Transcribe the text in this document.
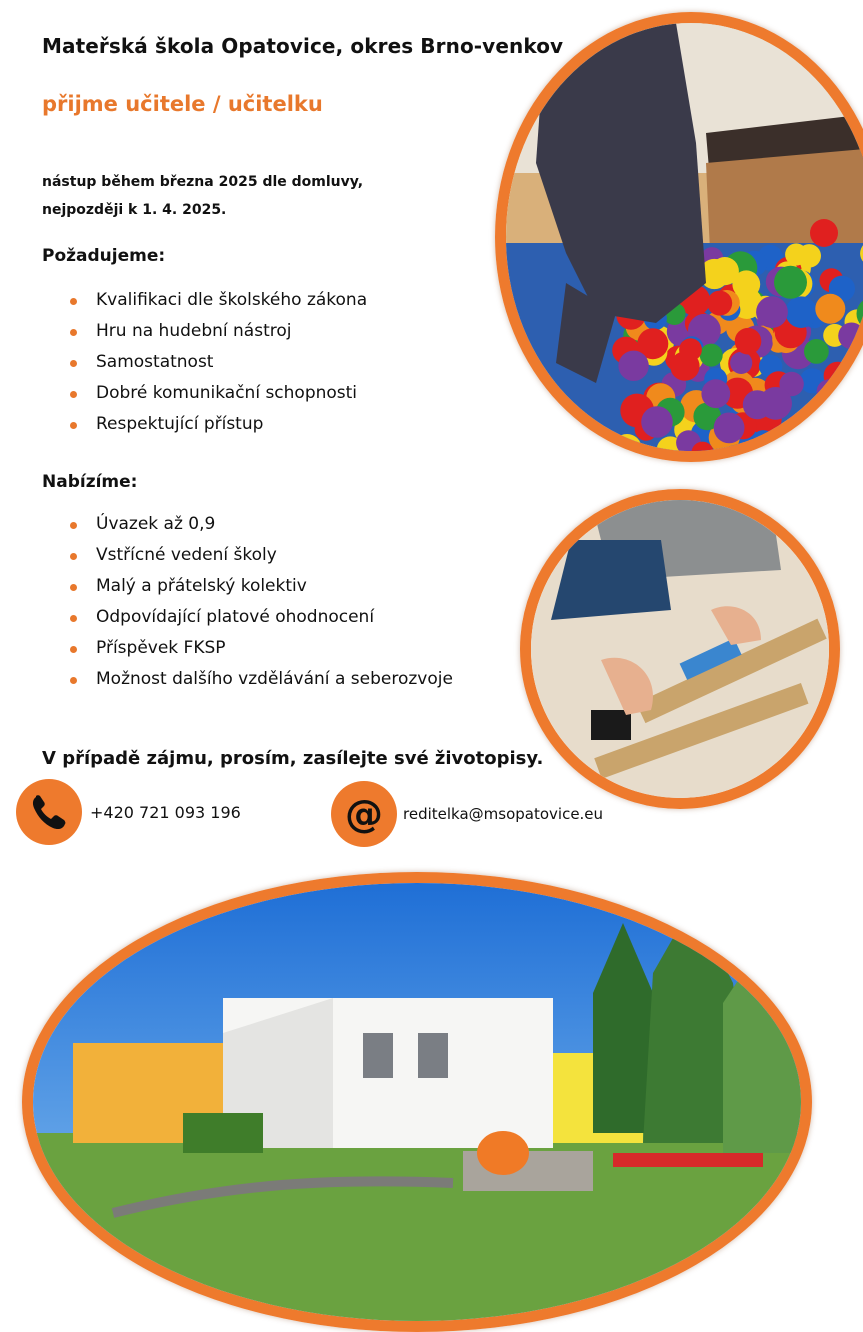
Mateřská škola Opatovice, okres Brno-venkov
přijme učitele / učitelku
nástup během března 2025 dle domluvy,
nejpozději k 1. 4. 2025.
Požadujeme:
Kvalifikaci dle školského zákona
Hru na hudební nástroj
Samostatnost
Dobré komunikační schopnosti
Respektující přístup
Nabízíme:
Úvazek až 0,9
Vstřícné vedení školy
Malý a přátelský kolektiv
Odpovídající platové ohodnocení
Příspěvek FKSP
Možnost dalšího vzdělávání a seberozvoje
V případě zájmu, prosím, zasílejte své životopisy.
+420 721 093 196	@ reditelka@msopatovice.eu
